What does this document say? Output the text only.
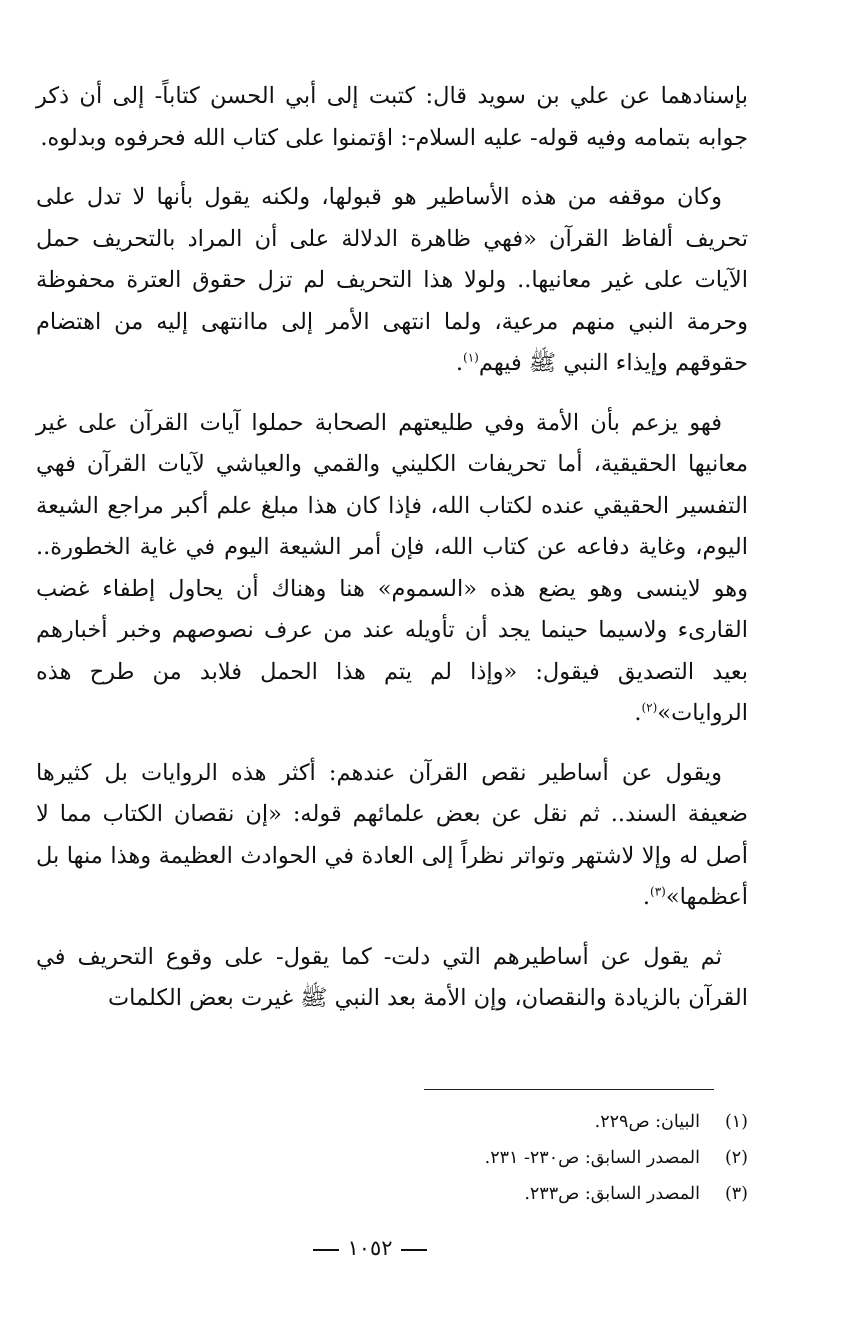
بإسنادهما عن علي بن سويد قال: كتبت إلى أبي الحسن كتاباً- إلى أن ذكر جوابه بتمامه وفيه قوله- عليه السلام-: اؤتمنوا على كتاب الله فحرفوه وبدلوه.

وكان موقفه من هذه الأساطير هو قبولها، ولكنه يقول بأنها لا تدل على تحريف ألفاظ القرآن «فهي ظاهرة الدلالة على أن المراد بالتحريف حمل الآيات على غير معانيها.. ولولا هذا التحريف لم تزل حقوق العترة محفوظة وحرمة النبي منهم مرعية، ولما انتهى الأمر إلى ماانتهى إليه من اهتضام حقوقهم وإيذاء النبي ﷺ فيهم$^{(١)}$.

فهو يزعم بأن الأمة وفي طليعتهم الصحابة حملوا آيات القرآن على غير معانيها الحقيقية، أما تحريفات الكليني والقمي والعياشي لآيات القرآن فهي التفسير الحقيقي عنده لكتاب الله، فإذا كان هذا مبلغ علم أكبر مراجع الشيعة اليوم، وغاية دفاعه عن كتاب الله، فإن أمر الشيعة اليوم في غاية الخطورة.. وهو لاينسى وهو يضع هذه «السموم» هنا وهناك أن يحاول إطفاء غضب القارىء ولاسيما حينما يجد أن تأويله عند من عرف نصوصهم وخبر أخبارهم بعيد التصديق فيقول: «وإذا لم يتم هذا الحمل فلابد من طرح هذه الروايات»$^{(٢)}$.

ويقول عن أساطير نقص القرآن عندهم: أكثر هذه الروايات بل كثيرها ضعيفة السند.. ثم نقل عن بعض علمائهم قوله: «إن نقصان الكتاب مما لا أصل له وإلا لاشتهر وتواتر نظراً إلى العادة في الحوادث العظيمة وهذا منها بل أعظمها»$^{(٣)}$.

ثم يقول عن أساطيرهم التي دلت- كما يقول- على وقوع التحريف في القرآن بالزيادة والنقصان، وإن الأمة بعد النبي ﷺ غيرت بعض الكلمات

(١)
البيان: ص٢٢٩.
(٢)
المصدر السابق: ص٢٣٠- ٢٣١.
(٣)
المصدر السابق: ص٢٣٣.
١٠٥٢
